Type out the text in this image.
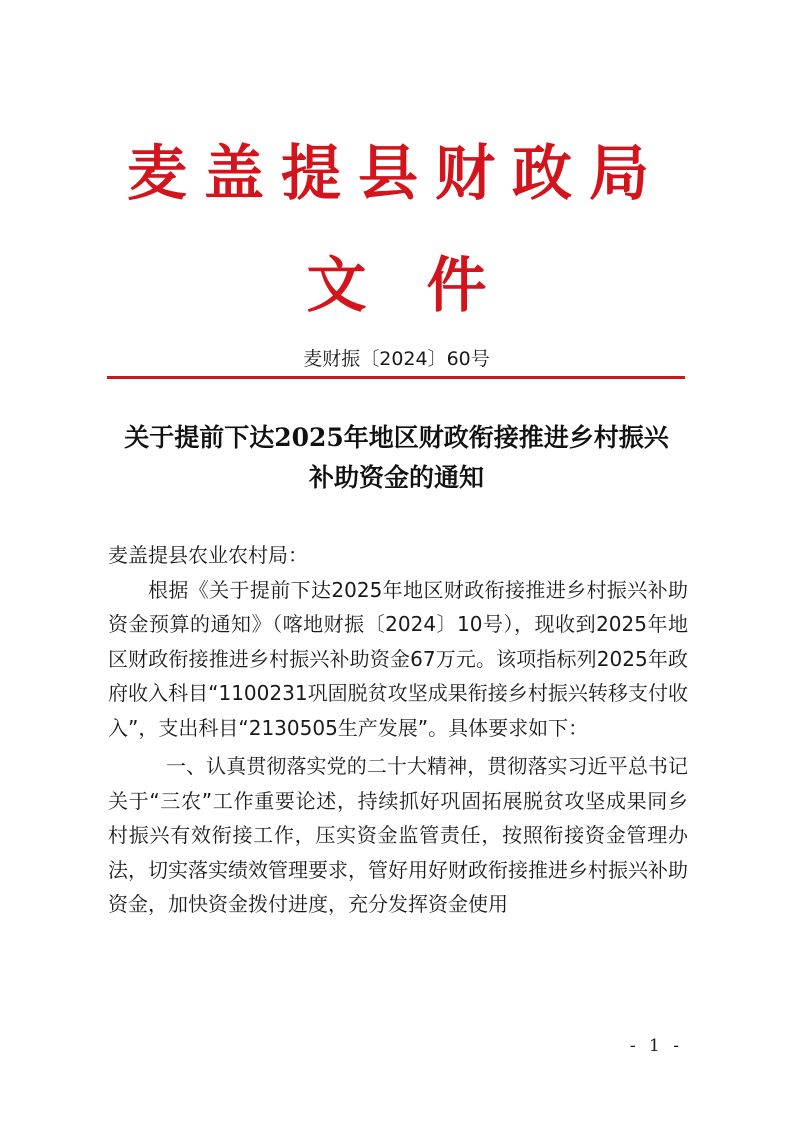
麦盖提县财政局
文件
麦财振〔2024〕60号
关于提前下达2025年地区财政衔接推进乡村振兴
补助资金的通知

麦盖提县农业农村局：

根据《关于提前下达2025年地区财政衔接推进乡村振兴补助资金预算的通知》（喀地财振〔2024〕10号），现收到2025年地区财政衔接推进乡村振兴补助资金67万元。该项指标列2025年政府收入科目“1100231巩固脱贫攻坚成果衔接乡村振兴转移支付收入”，支出科目“2130505生产发展”。具体要求如下：

一、认真贯彻落实党的二十大精神，贯彻落实习近平总书记关于“三农”工作重要论述，持续抓好巩固拓展脱贫攻坚成果同乡村振兴有效衔接工作，压实资金监管责任，按照衔接资金管理办法，切实落实绩效管理要求，管好用好财政衔接推进乡村振兴补助资金，加快资金拨付进度，充分发挥资金使用

- 1 -
